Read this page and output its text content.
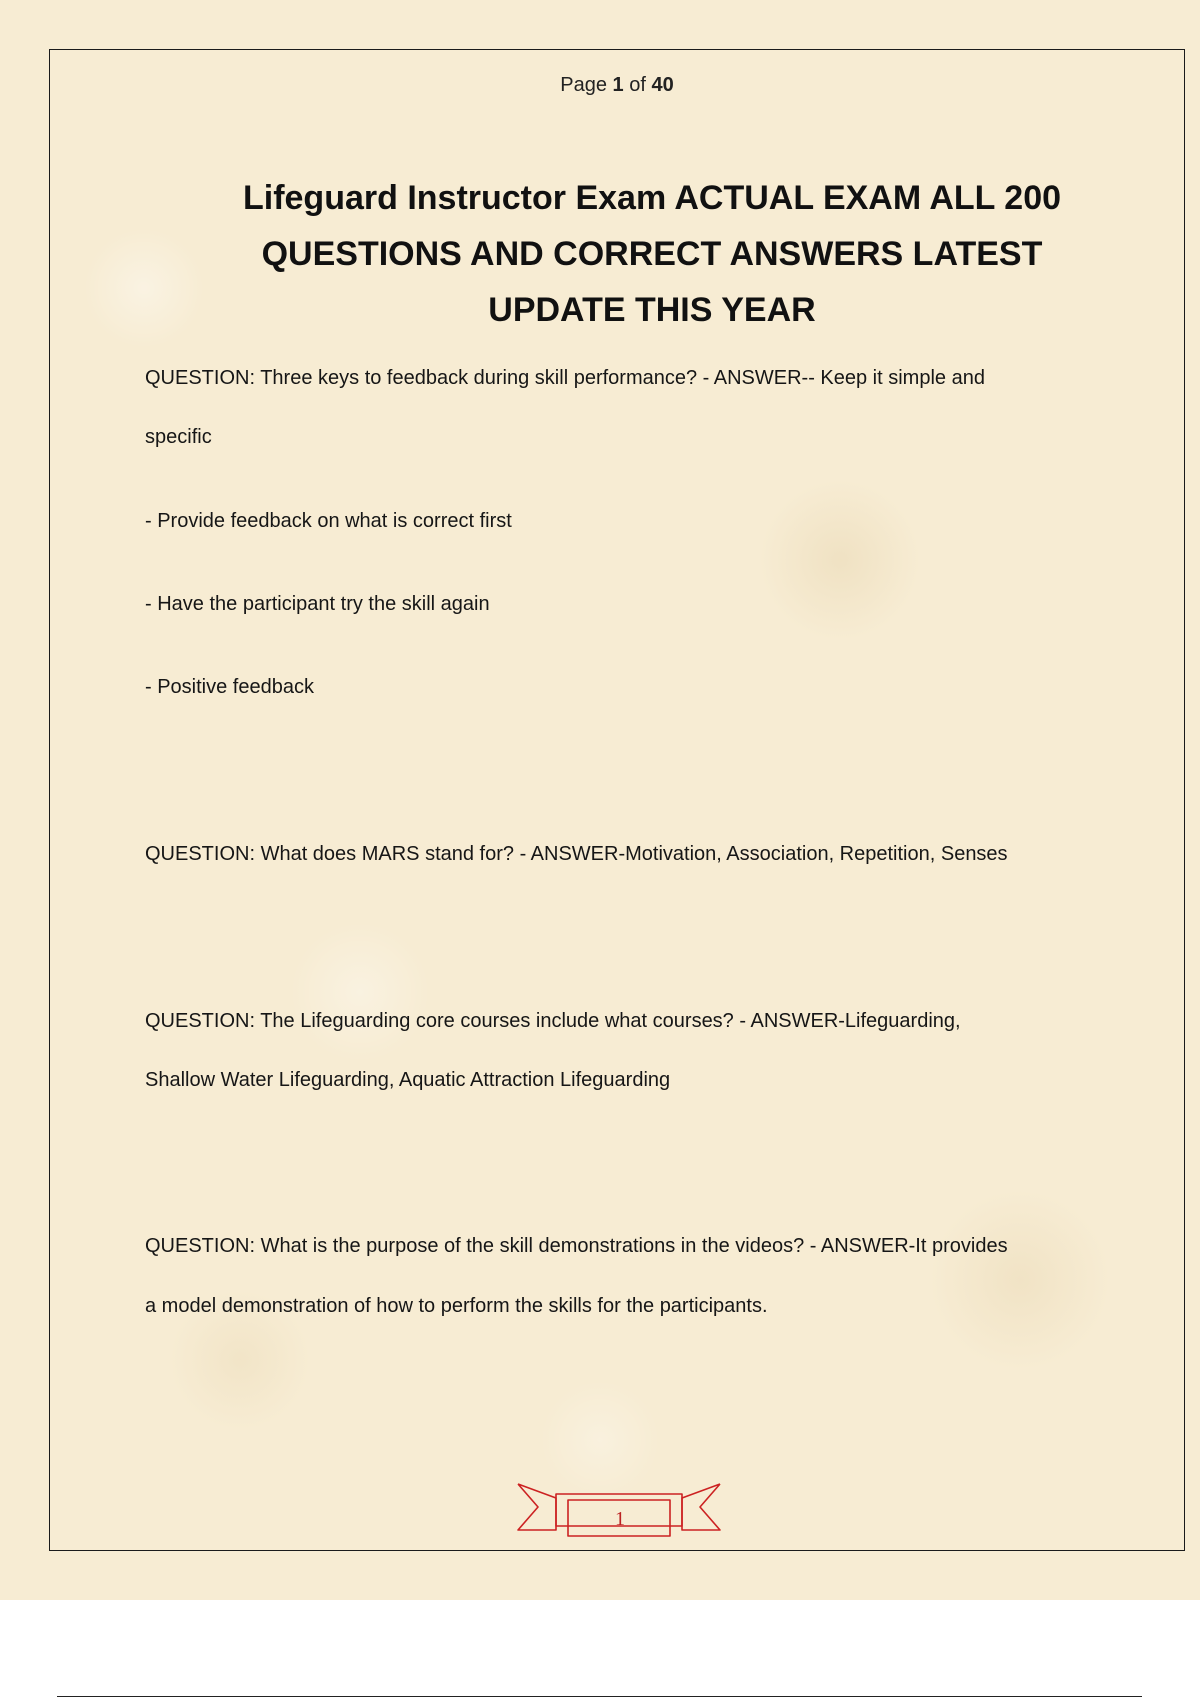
Page 1 of 40
Lifeguard Instructor Exam ACTUAL EXAM ALL 200
QUESTIONS AND CORRECT ANSWERS LATEST
UPDATE THIS YEAR
QUESTION: Three keys to feedback during skill performance? - ANSWER-- Keep it simple and
specific
- Provide feedback on what is correct first
- Have the participant try the skill again
- Positive feedback
QUESTION: What does MARS stand for? - ANSWER-Motivation, Association, Repetition, Senses
QUESTION: The Lifeguarding core courses include what courses? - ANSWER-Lifeguarding,
Shallow Water Lifeguarding, Aquatic Attraction Lifeguarding
QUESTION: What is the purpose of the skill demonstrations in the videos? - ANSWER-It provides
a model demonstration of how to perform the skills for the participants.
1
